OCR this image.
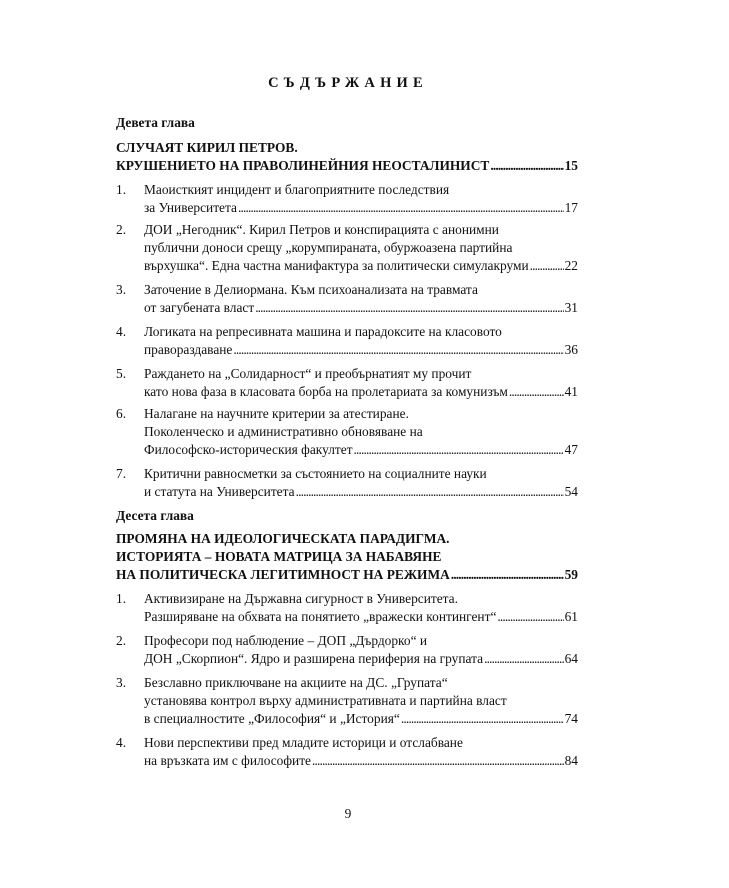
СЪДЪРЖАНИЕ
Девета глава
СЛУЧАЯТ КИРИЛ ПЕТРОВ.
КРУШЕНИЕТО НА ПРАВОЛИНЕЙНИЯ НЕОСТАЛИНИСТ . . .	15
1. Маоисткият инцидент и благоприятните последствия
за Университета . . .	17
2. ДОИ „Негодник“. Кирил Петров и конспирацията с анонимни
публични доноси срещу „корумпираната, обуржоазена партийна
върхушка“. Една частна манифактура за политически симулакруми . . .	22
3. Заточение в Делиормана. Към психоанализата на травмата
от загубената власт . . .	31
4. Логиката на репресивната машина и парадоксите на класовото
правораздаване . . .	36
5. Раждането на „Солидарност“ и преобърнатият му прочит
като нова фаза в класовата борба на пролетариата за комунизъм . . .	41
6. Налагане на научните критерии за атестиране.
Поколенческо и административно обновяване на
Философско-историческия факултет . . .	47
7. Критични равносметки за състоянието на социалните науки
и статута на Университета . . .	54
Десета глава
ПРОМЯНА НА ИДЕОЛОГИЧЕСКАТА ПАРАДИГМА.
ИСТОРИЯТА – НОВАТА МАТРИЦА ЗА НАБАВЯНЕ
НА ПОЛИТИЧЕСКА ЛЕГИТИМНОСТ НА РЕЖИМА . . .	59
1. Активизиране на Държавна сигурност в Университета.
Разширяване на обхвата на понятието „вражески контингент“ . . .	61
2. Професори под наблюдение – ДОП „Дърдорко“ и
ДОН „Скорпион“. Ядро и разширена периферия на групата . . .	64
3. Безславно приключване на акциите на ДС. „Групата“
установява контрол върху административната и партийна власт
в специалностите „Философия“ и „История“ . . .	74
4. Нови перспективи пред младите историци и отслабване
на връзката им с философите . . .	84
9
